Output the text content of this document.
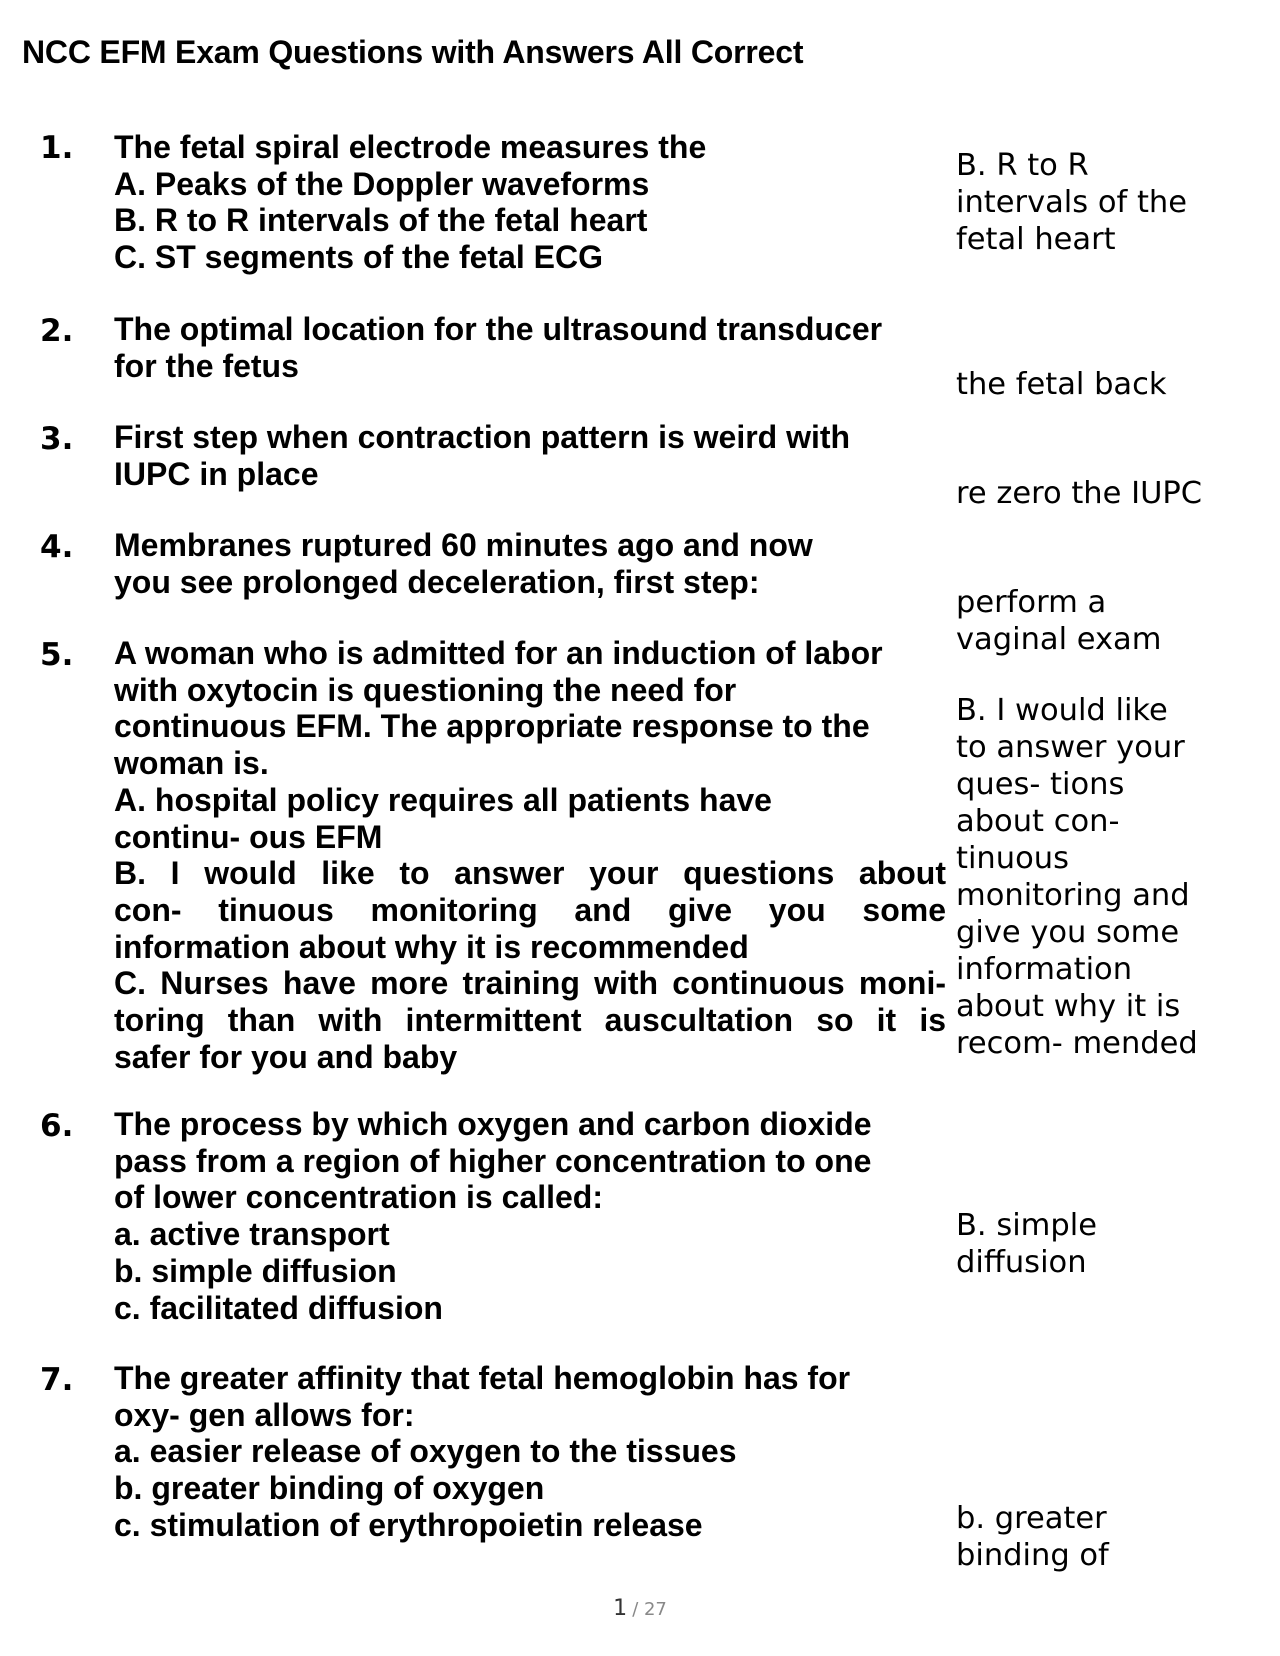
NCC EFM Exam Questions with Answers All Correct
1. The fetal spiral electrode measures the
A. Peaks of the Doppler waveforms
B. R to R intervals of the fetal heart
C. ST segments of the fetal ECG
B. R to R
intervals of the
fetal heart
2. The optimal location for the ultrasound transducer
for the fetus
the fetal back
3. First step when contraction pattern is weird with
IUPC in place
re zero the IUPC
4. Membranes ruptured 60 minutes ago and now
you see prolonged deceleration, first step:
perform a
vaginal exam
5. A woman who is admitted for an induction of labor
with oxytocin is questioning the need for
continuous EFM. The appropriate response to the
woman is.
A. hospital policy requires all patients have
continu- ous EFM
B. I would like to answer your questions about
con- tinuous monitoring and give you some
information about why it is recommended
C. Nurses have more training with continuous moni-
toring than with intermittent auscultation so it is
safer for you and baby
B. I would like
to answer your
ques- tions
about con-
tinuous
monitoring and
give you some
information
about why it is
recom- mended
6. The process by which oxygen and carbon dioxide
pass from a region of higher concentration to one
of lower concentration is called:
a. active transport
b. simple diffusion
c. facilitated diffusion
B. simple
diffusion
7. The greater affinity that fetal hemoglobin has for
oxy- gen allows for:
a. easier release of oxygen to the tissues
b. greater binding of oxygen
c. stimulation of erythropoietin release	b. greater
binding of
1 / 27
